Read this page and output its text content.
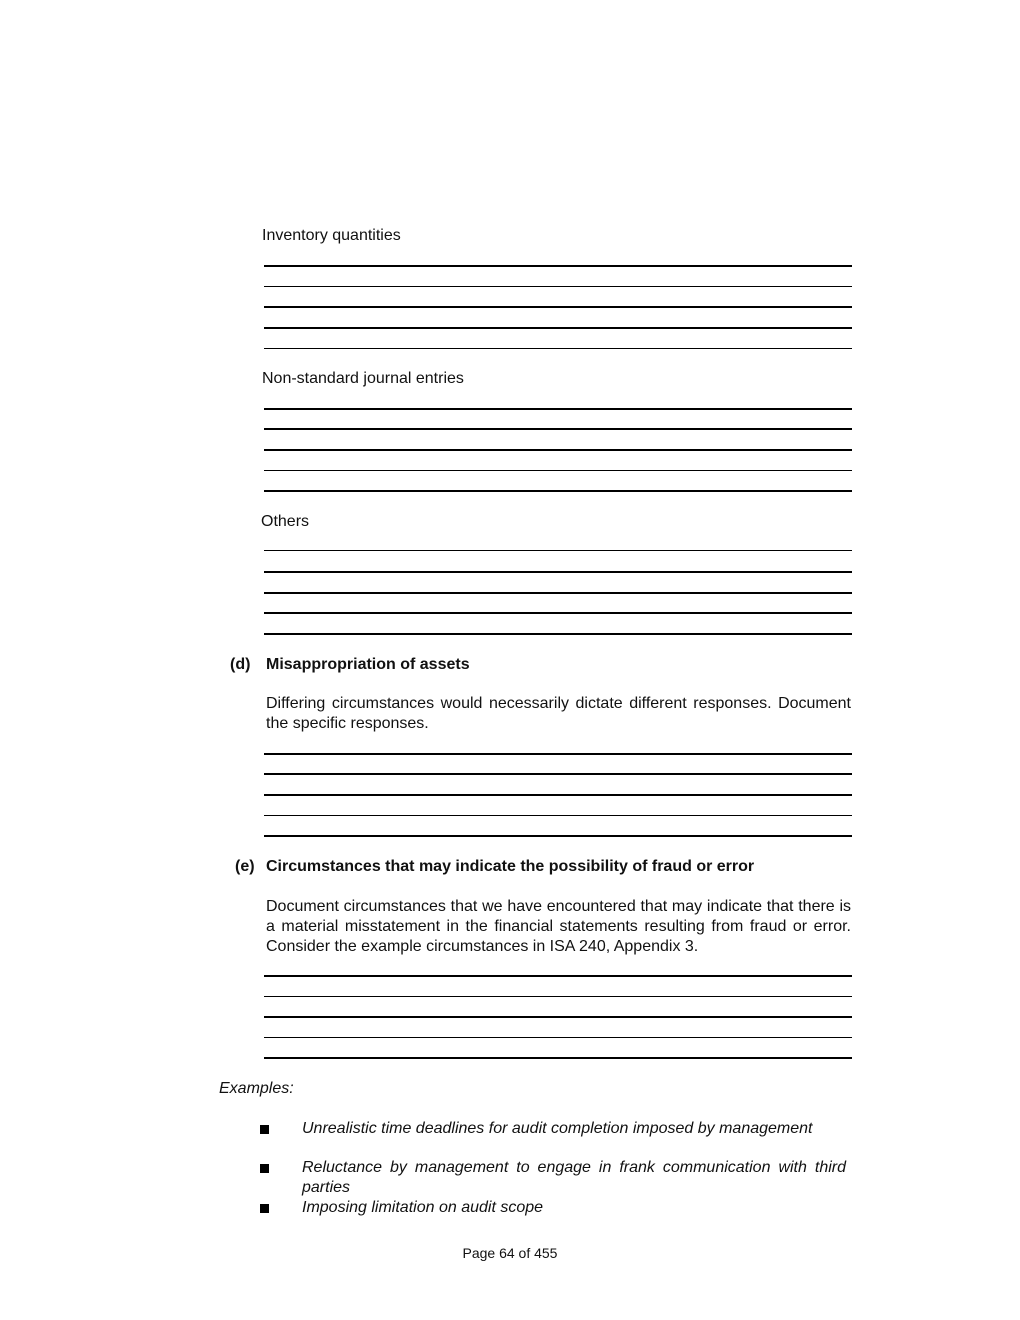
Inventory quantities
Non-standard journal entries
Others
(d) Misappropriation of assets
Differing circumstances would necessarily dictate different responses. Document the specific responses.
(e) Circumstances that may indicate the possibility of fraud or error
Document circumstances that we have encountered that may indicate that there is a material misstatement in the financial statements resulting from fraud or error. Consider the example circumstances in ISA 240, Appendix 3.
Examples:
Unrealistic time deadlines for audit completion imposed by management
Reluctance by management to engage in frank communication with third parties
Imposing limitation on audit scope
Page 64 of 455
